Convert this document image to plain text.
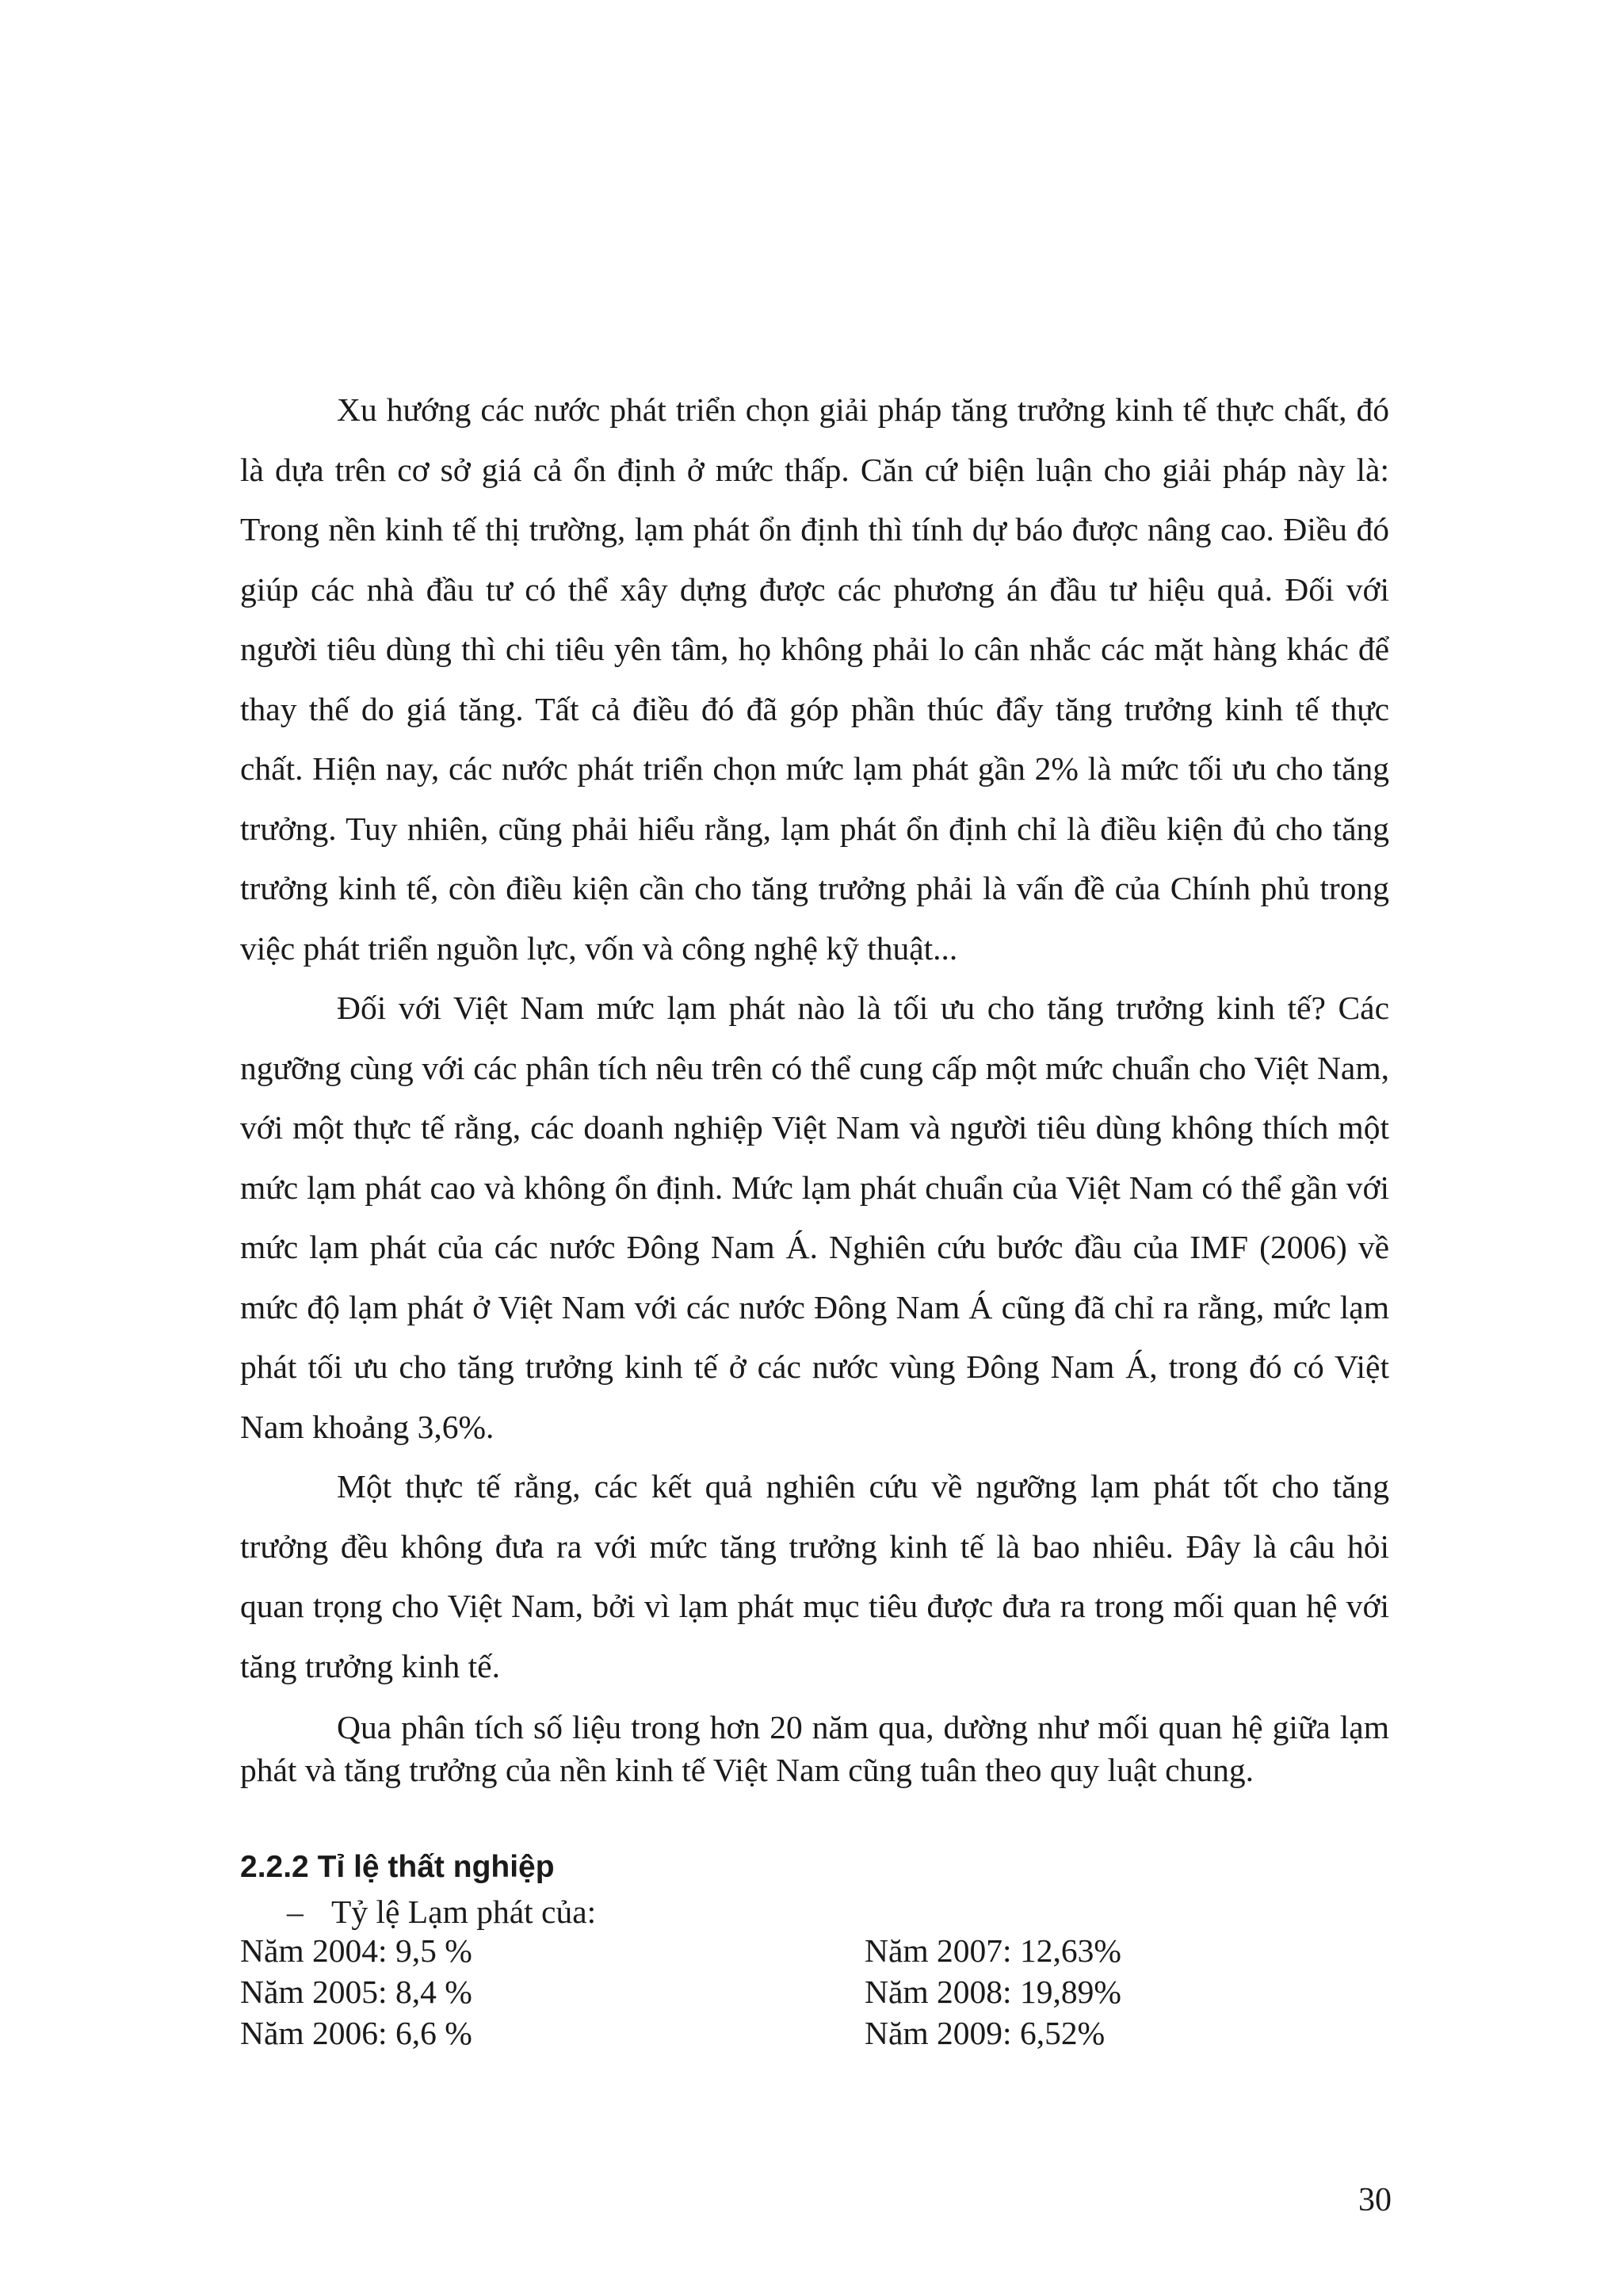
Xu hướng các nước phát triển chọn giải pháp tăng trưởng kinh tế thực chất, đó là dựa trên cơ sở giá cả ổn định ở mức thấp. Căn cứ biện luận cho giải pháp này là: Trong nền kinh tế thị trường, lạm phát ổn định thì tính dự báo được nâng cao. Điều đó giúp các nhà đầu tư có thể xây dựng được các phương án đầu tư hiệu quả. Đối với người tiêu dùng thì chi tiêu yên tâm, họ không phải lo cân nhắc các mặt hàng khác để thay thế do giá tăng. Tất cả điều đó đã góp phần thúc đẩy tăng trưởng kinh tế thực chất. Hiện nay, các nước phát triển chọn mức lạm phát gần 2% là mức tối ưu cho tăng trưởng. Tuy nhiên, cũng phải hiểu rằng, lạm phát ổn định chỉ là điều kiện đủ cho tăng trưởng kinh tế, còn điều kiện cần cho tăng trưởng phải là vấn đề của Chính phủ trong việc phát triển nguồn lực, vốn và công nghệ kỹ thuật...

Đối với Việt Nam mức lạm phát nào là tối ưu cho tăng trưởng kinh tế? Các ngưỡng cùng với các phân tích nêu trên có thể cung cấp một mức chuẩn cho Việt Nam, với một thực tế rằng, các doanh nghiệp Việt Nam và người tiêu dùng không thích một mức lạm phát cao và không ổn định. Mức lạm phát chuẩn của Việt Nam có thể gần với mức lạm phát của các nước Đông Nam Á. Nghiên cứu bước đầu của IMF (2006) về mức độ lạm phát ở Việt Nam với các nước Đông Nam Á cũng đã chỉ ra rằng, mức lạm phát tối ưu cho tăng trưởng kinh tế ở các nước vùng Đông Nam Á, trong đó có Việt Nam khoảng 3,6%.

Một thực tế rằng, các kết quả nghiên cứu về ngưỡng lạm phát tốt cho tăng trưởng đều không đưa ra với mức tăng trưởng kinh tế là bao nhiêu. Đây là câu hỏi quan trọng cho Việt Nam, bởi vì lạm phát mục tiêu được đưa ra trong mối quan hệ với tăng trưởng kinh tế.

Qua phân tích số liệu trong hơn 20 năm qua, dường như mối quan hệ giữa lạm phát và tăng trưởng của nền kinh tế Việt Nam cũng tuân theo quy luật chung.

2.2.2 Tỉ lệ thất nghiệp
– Tỷ lệ Lạm phát của:
Năm 2004: 9,5 %	Năm 2007: 12,63%
Năm 2005: 8,4 %	Năm 2008: 19,89%
Năm 2006: 6,6 %	Năm 2009: 6,52%
30
